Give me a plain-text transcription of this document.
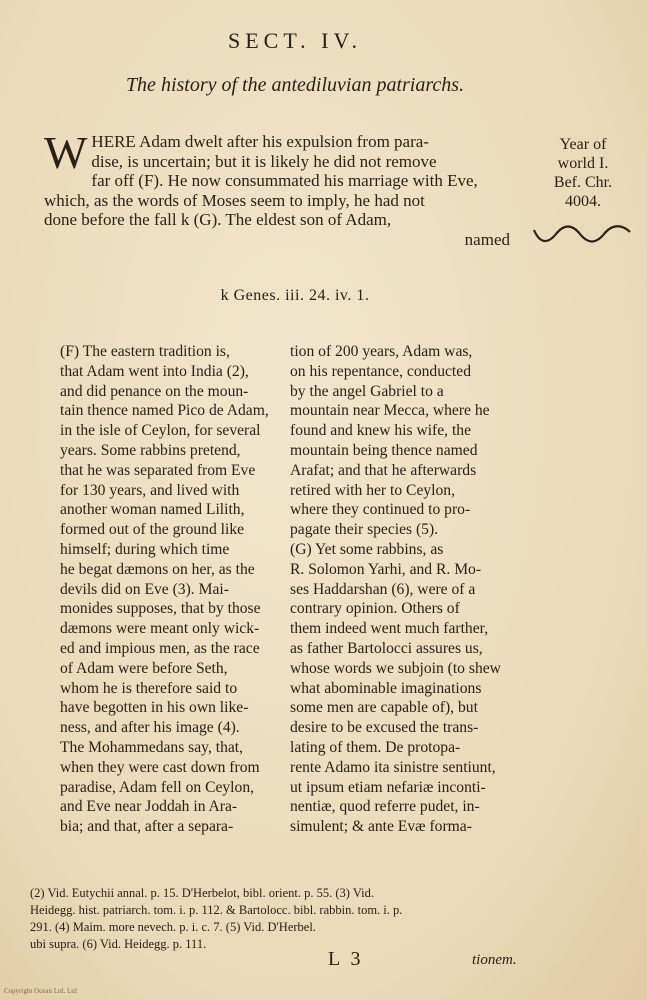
SECT. IV.
The history of the antediluvian patriarchs.
W HERE Adam dwelt after his expulsion from para-
dise, is uncertain; but it is likely he did not remove
far off (F). He now consummated his marriage with Eve,
which, as the words of Moses seem to imply, he had not
done before the fall k (G). The eldest son of Adam,
named
Year of
world I.
Bef. Chr.
4004.
k Genes. iii. 24. iv. 1.
(F) The eastern tradition is,
that Adam went into India (2),
and did penance on the moun-
tain thence named Pico de Adam,
in the isle of Ceylon, for several
years. Some rabbins pretend,
that he was separated from Eve
for 130 years, and lived with
another woman named Lilith,
formed out of the ground like
himself; during which time
he begat dæmons on her, as the
devils did on Eve (3). Mai-
monides supposes, that by those
dæmons were meant only wick-
ed and impious men, as the race
of Adam were before Seth,
whom he is therefore said to
have begotten in his own like-
ness, and after his image (4).
The Mohammedans say, that,
when they were cast down from
paradise, Adam fell on Ceylon,
and Eve near Joddah in Ara-
bia; and that, after a separa-
tion of 200 years, Adam was,
on his repentance, conducted
by the angel Gabriel to a
mountain near Mecca, where he
found and knew his wife, the
mountain being thence named
Arafat; and that he afterwards
retired with her to Ceylon,
where they continued to pro-
pagate their species (5).
(G) Yet some rabbins, as
R. Solomon Yarhi, and R. Mo-
ses Haddarshan (6), were of a
contrary opinion. Others of
them indeed went much farther,
as father Bartolocci assures us,
whose words we subjoin (to shew
what abominable imaginations
some men are capable of), but
desire to be excused the trans-
lating of them. De protopa-
rente Adamo ita sinistre sentiunt,
ut ipsum etiam nefariæ inconti-
nentiæ, quod referre pudet, in-
simulent; & ante Evæ forma-
(2) Vid. Eutychii annal. p. 15. D'Herbelot, bibl. orient. p. 55. (3) Vid.
Heidegg. hist. patriarch. tom. i. p. 112. & Bartolocc. bibl. rabbin. tom. i. p.
291. (4) Maim. more nevech. p. i. c. 7. (5) Vid. D'Herbel.
ubi supra. (6) Vid. Heidegg. p. 111.
L 3	tionem.
Copyright Ocean Ltd. Ltd
